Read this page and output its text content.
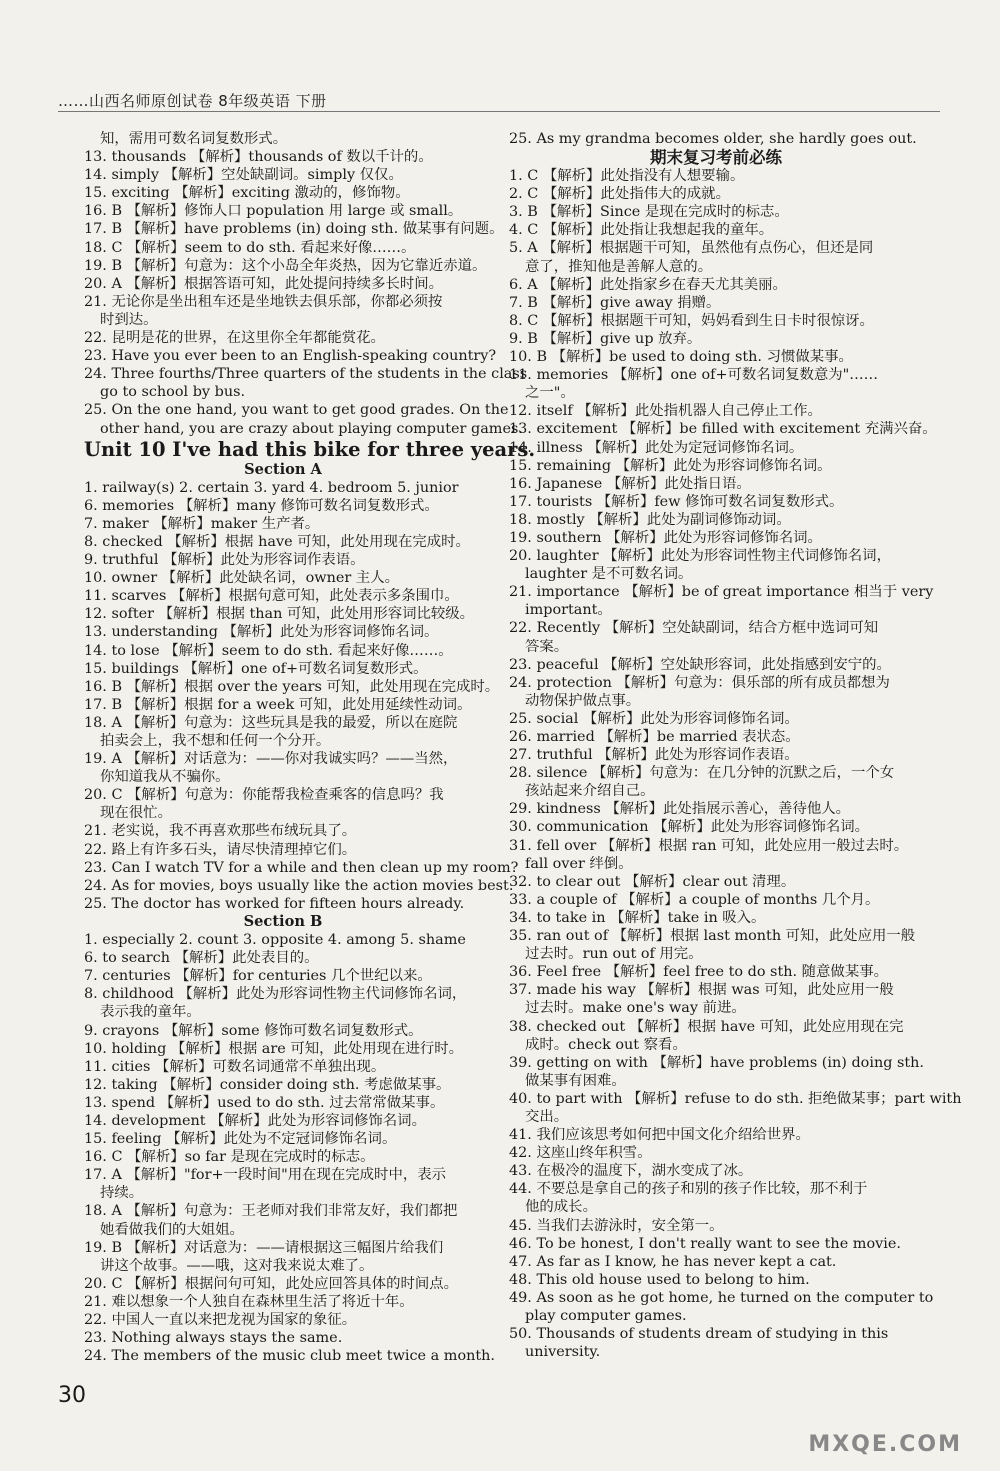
……山西名师原创试卷 8年级英语 下册
知，需用可数名词复数形式。
13. thousands 【解析】thousands of 数以千计的。
14. simply 【解析】空处缺副词。simply 仅仅。
15. exciting 【解析】exciting 激动的，修饰物。
16. B 【解析】修饰人口 population 用 large 或 small。
17. B 【解析】have problems (in) doing sth. 做某事有问题。
18. C 【解析】seem to do sth. 看起来好像……。
19. B 【解析】句意为：这个小岛全年炎热，因为它靠近赤道。
20. A 【解析】根据答语可知，此处提问持续多长时间。
21. 无论你是坐出租车还是坐地铁去俱乐部，你都必须按
时到达。
22. 昆明是花的世界，在这里你全年都能赏花。
23. Have you ever been to an English-speaking country?
24. Three fourths/Three quarters of the students in the class
go to school by bus.
25. On the one hand, you want to get good grades. On the
other hand, you are crazy about playing computer games.
Unit 10 I've had this bike for three years.
Section A
1. railway(s) 2. certain 3. yard 4. bedroom 5. junior
6. memories 【解析】many 修饰可数名词复数形式。
7. maker 【解析】maker 生产者。
8. checked 【解析】根据 have 可知，此处用现在完成时。
9. truthful 【解析】此处为形容词作表语。
10. owner 【解析】此处缺名词，owner 主人。
11. scarves 【解析】根据句意可知，此处表示多条围巾。
12. softer 【解析】根据 than 可知，此处用形容词比较级。
13. understanding 【解析】此处为形容词修饰名词。
14. to lose 【解析】seem to do sth. 看起来好像……。
15. buildings 【解析】one of+可数名词复数形式。
16. B 【解析】根据 over the years 可知，此处用现在完成时。
17. B 【解析】根据 for a week 可知，此处用延续性动词。
18. A 【解析】句意为：这些玩具是我的最爱，所以在庭院
拍卖会上，我不想和任何一个分开。
19. A 【解析】对话意为：——你对我诚实吗？——当然，
你知道我从不骗你。
20. C 【解析】句意为：你能帮我检查乘客的信息吗？我
现在很忙。
21. 老实说，我不再喜欢那些布绒玩具了。
22. 路上有许多石头，请尽快清理掉它们。
23. Can I watch TV for a while and then clean up my room?
24. As for movies, boys usually like the action movies best.
25. The doctor has worked for fifteen hours already.
Section B
1. especially 2. count 3. opposite 4. among 5. shame
6. to search 【解析】此处表目的。
7. centuries 【解析】for centuries 几个世纪以来。
8. childhood 【解析】此处为形容词性物主代词修饰名词，
表示我的童年。
9. crayons 【解析】some 修饰可数名词复数形式。
10. holding 【解析】根据 are 可知，此处用现在进行时。
11. cities 【解析】可数名词通常不单独出现。
12. taking 【解析】consider doing sth. 考虑做某事。
13. spend 【解析】used to do sth. 过去常常做某事。
14. development 【解析】此处为形容词修饰名词。
15. feeling 【解析】此处为不定冠词修饰名词。
16. C 【解析】so far 是现在完成时的标志。
17. A 【解析】"for+一段时间"用在现在完成时中，表示
持续。
18. A 【解析】句意为：王老师对我们非常友好，我们都把
她看做我们的大姐姐。
19. B 【解析】对话意为：——请根据这三幅图片给我们
讲这个故事。——哦，这对我来说太难了。
20. C 【解析】根据问句可知，此处应回答具体的时间点。
21. 难以想象一个人独自在森林里生活了将近十年。
22. 中国人一直以来把龙视为国家的象征。
23. Nothing always stays the same.
24. The members of the music club meet twice a month.
25. As my grandma becomes older, she hardly goes out.
期末复习考前必练
1. C 【解析】此处指没有人想要输。
2. C 【解析】此处指伟大的成就。
3. B 【解析】Since 是现在完成时的标志。
4. C 【解析】此处指让我想起我的童年。
5. A 【解析】根据题干可知，虽然他有点伤心，但还是同
意了，推知他是善解人意的。
6. A 【解析】此处指家乡在春天尤其美丽。
7. B 【解析】give away 捐赠。
8. C 【解析】根据题干可知，妈妈看到生日卡时很惊讶。
9. B 【解析】give up 放弃。
10. B 【解析】be used to doing sth. 习惯做某事。
11. memories 【解析】one of+可数名词复数意为"……
之一"。
12. itself 【解析】此处指机器人自己停止工作。
13. excitement 【解析】be filled with excitement 充满兴奋。
14. illness 【解析】此处为定冠词修饰名词。
15. remaining 【解析】此处为形容词修饰名词。
16. Japanese 【解析】此处指日语。
17. tourists 【解析】few 修饰可数名词复数形式。
18. mostly 【解析】此处为副词修饰动词。
19. southern 【解析】此处为形容词修饰名词。
20. laughter 【解析】此处为形容词性物主代词修饰名词，
laughter 是不可数名词。
21. importance 【解析】be of great importance 相当于 very
important。
22. Recently 【解析】空处缺副词，结合方框中选词可知
答案。
23. peaceful 【解析】空处缺形容词，此处指感到安宁的。
24. protection 【解析】句意为：俱乐部的所有成员都想为
动物保护做点事。
25. social 【解析】此处为形容词修饰名词。
26. married 【解析】be married 表状态。
27. truthful 【解析】此处为形容词作表语。
28. silence 【解析】句意为：在几分钟的沉默之后，一个女
孩站起来介绍自己。
29. kindness 【解析】此处指展示善心，善待他人。
30. communication 【解析】此处为形容词修饰名词。
31. fell over 【解析】根据 ran 可知，此处应用一般过去时。
fall over 绊倒。
32. to clear out 【解析】clear out 清理。
33. a couple of 【解析】a couple of months 几个月。
34. to take in 【解析】take in 吸入。
35. ran out of 【解析】根据 last month 可知，此处应用一般
过去时。run out of 用完。
36. Feel free 【解析】feel free to do sth. 随意做某事。
37. made his way 【解析】根据 was 可知，此处应用一般
过去时。make one's way 前进。
38. checked out 【解析】根据 have 可知，此处应用现在完
成时。check out 察看。
39. getting on with 【解析】have problems (in) doing sth.
做某事有困难。
40. to part with 【解析】refuse to do sth. 拒绝做某事；part with
交出。
41. 我们应该思考如何把中国文化介绍给世界。
42. 这座山终年积雪。
43. 在极冷的温度下，湖水变成了冰。
44. 不要总是拿自己的孩子和别的孩子作比较，那不利于
他的成长。
45. 当我们去游泳时，安全第一。
46. To be honest, I don't really want to see the movie.
47. As far as I know, he has never kept a cat.
48. This old house used to belong to him.
49. As soon as he got home, he turned on the computer to
play computer games.
50. Thousands of students dream of studying in this
university.
30
MXQE.COM
